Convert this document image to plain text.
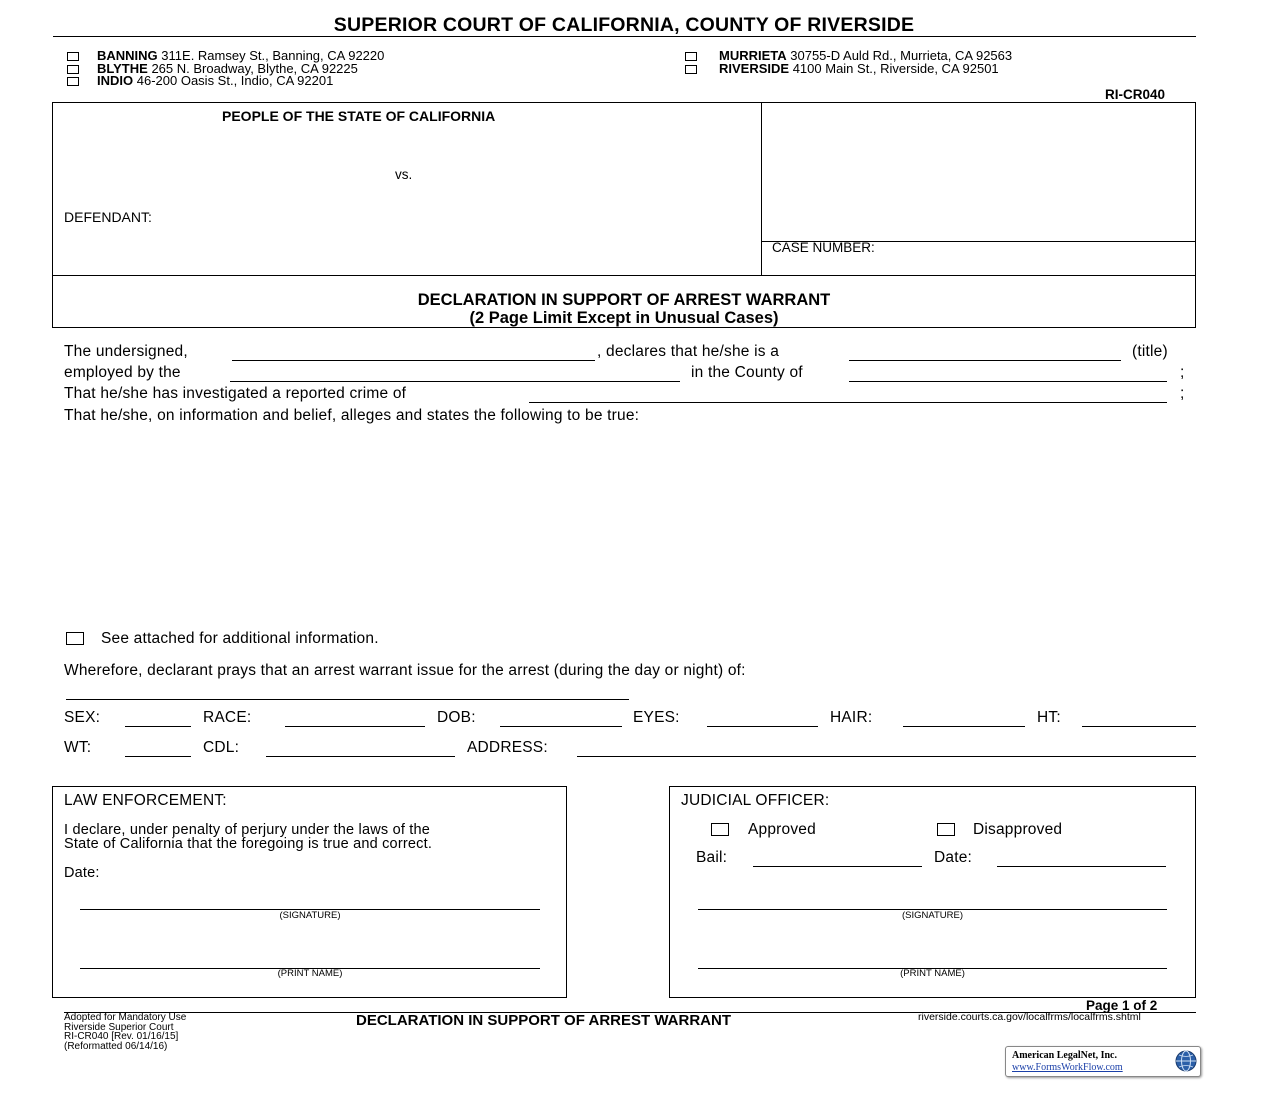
SUPERIOR COURT OF CALIFORNIA, COUNTY OF RIVERSIDE
BANNING 311E. Ramsey St., Banning, CA 92220
BLYTHE 265 N. Broadway, Blythe, CA 92225
INDIO 46-200 Oasis St., Indio, CA 92201
MURRIETA 30755-D Auld Rd., Murrieta, CA 92563
RIVERSIDE 4100 Main St., Riverside, CA 92501
RI-CR040
PEOPLE OF THE STATE OF CALIFORNIA
vs.
DEFENDANT:
CASE NUMBER:
DECLARATION IN SUPPORT OF ARREST WARRANT
(2 Page Limit Except in Unusual Cases)
The undersigned,	, declares that he/she is a	(title)
employed by the	in the County of	;
That he/she has investigated a reported crime of	;
That he/she, on information and belief, alleges and states the following to be true:
See attached for additional information.
Wherefore, declarant prays that an arrest warrant issue for the arrest (during the day or night) of:
SEX:	RACE:	DOB:	EYES:	HAIR:	HT:
WT:	CDL:	ADDRESS:
LAW ENFORCEMENT:
I declare, under penalty of perjury under the laws of the
State of California that the foregoing is true and correct.
Date:
(SIGNATURE)
(PRINT NAME)
JUDICIAL OFFICER:
Approved	Disapproved
Bail:	Date:
(SIGNATURE)
(PRINT NAME)
Page 1 of 2
Adopted for Mandatory Use
Riverside Superior Court
RI-CR040 [Rev. 01/16/15]
(Reformatted 06/14/16)
DECLARATION IN SUPPORT OF ARREST WARRANT	riverside.courts.ca.gov/localfrms/localfrms.shtml
American LegalNet, Inc.
www.FormsWorkFlow.com
